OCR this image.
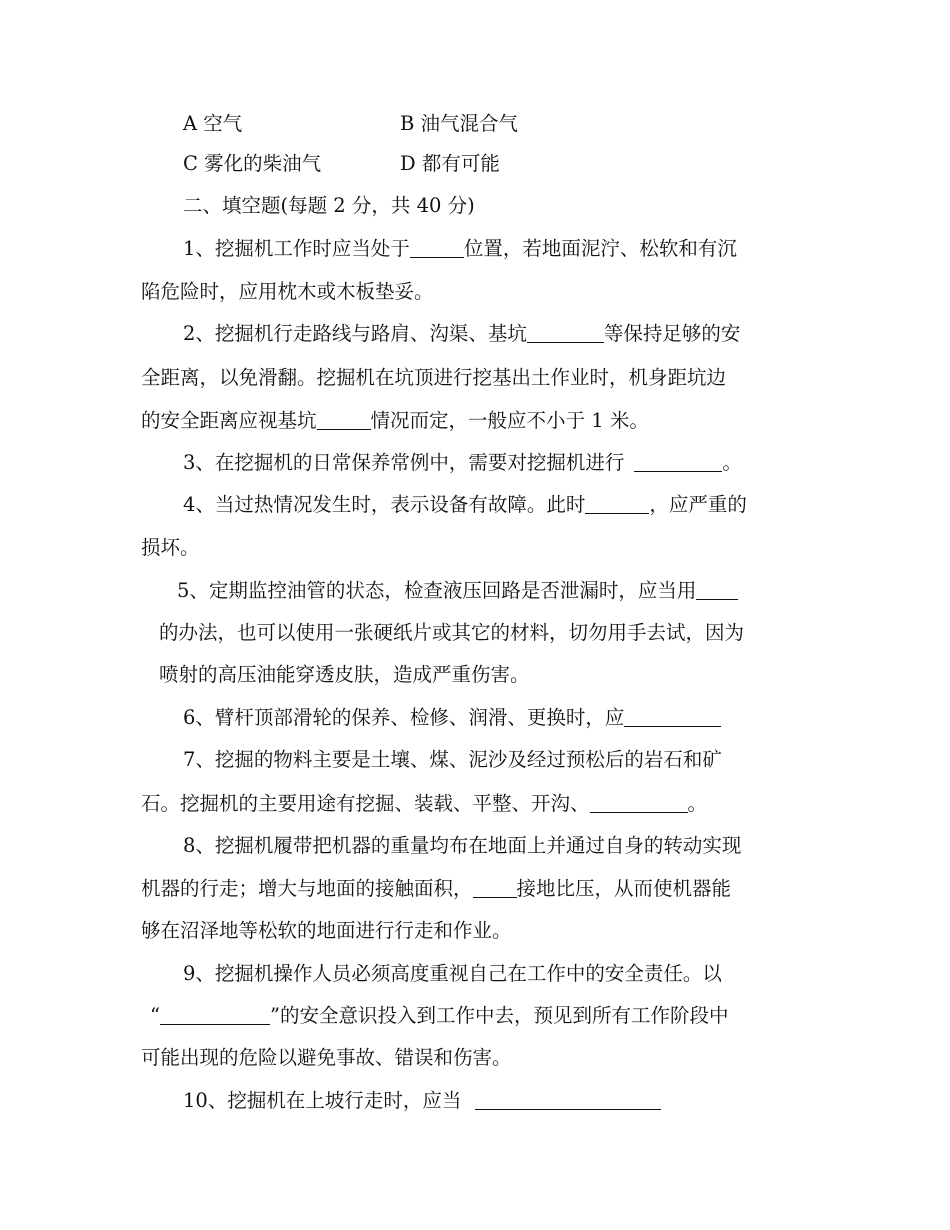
A 空气	B 油气混合气
C 雾化的柴油气	D 都有可能
二、填空题(每题 2 分，共 40 分)
1、挖掘机工作时应当处于	位置，若地面泥泞、松软和有沉
陷危险时，应用枕木或木板垫妥。
2、挖掘机行走路线与路肩、沟渠、基坑	等保持足够的安
全距离，以免滑翻。挖掘机在坑顶进行挖基出土作业时，机身距坑边
的安全距离应视基坑	情况而定，一般应不小于 1 米。
3、在挖掘机的日常保养常例中，需要对挖掘机进行	。
4、当过热情况发生时，表示设备有故障。此时	，应严重的
损坏。
5、定期监控油管的状态，检查液压回路是否泄漏时，应当用
的办法，也可以使用一张硬纸片或其它的材料，切勿用手去试，因为
喷射的高压油能穿透皮肤，造成严重伤害。
6、臂杆顶部滑轮的保养、检修、润滑、更换时，应
7、挖掘的物料主要是土壤、煤、泥沙及经过预松后的岩石和矿
石。挖掘机的主要用途有挖掘、装载、平整、开沟、	。
8、挖掘机履带把机器的重量均布在地面上并通过自身的转动实现
机器的行走；增大与地面的接触面积， 接地比压，从而使机器能
够在沼泽地等松软的地面进行行走和作业。
9、挖掘机操作人员必须高度重视自己在工作中的安全责任。以
“	”的安全意识投入到工作中去，预见到所有工作阶段中
可能出现的危险以避免事故、错误和伤害。
10、挖掘机在上坡行走时，应当
